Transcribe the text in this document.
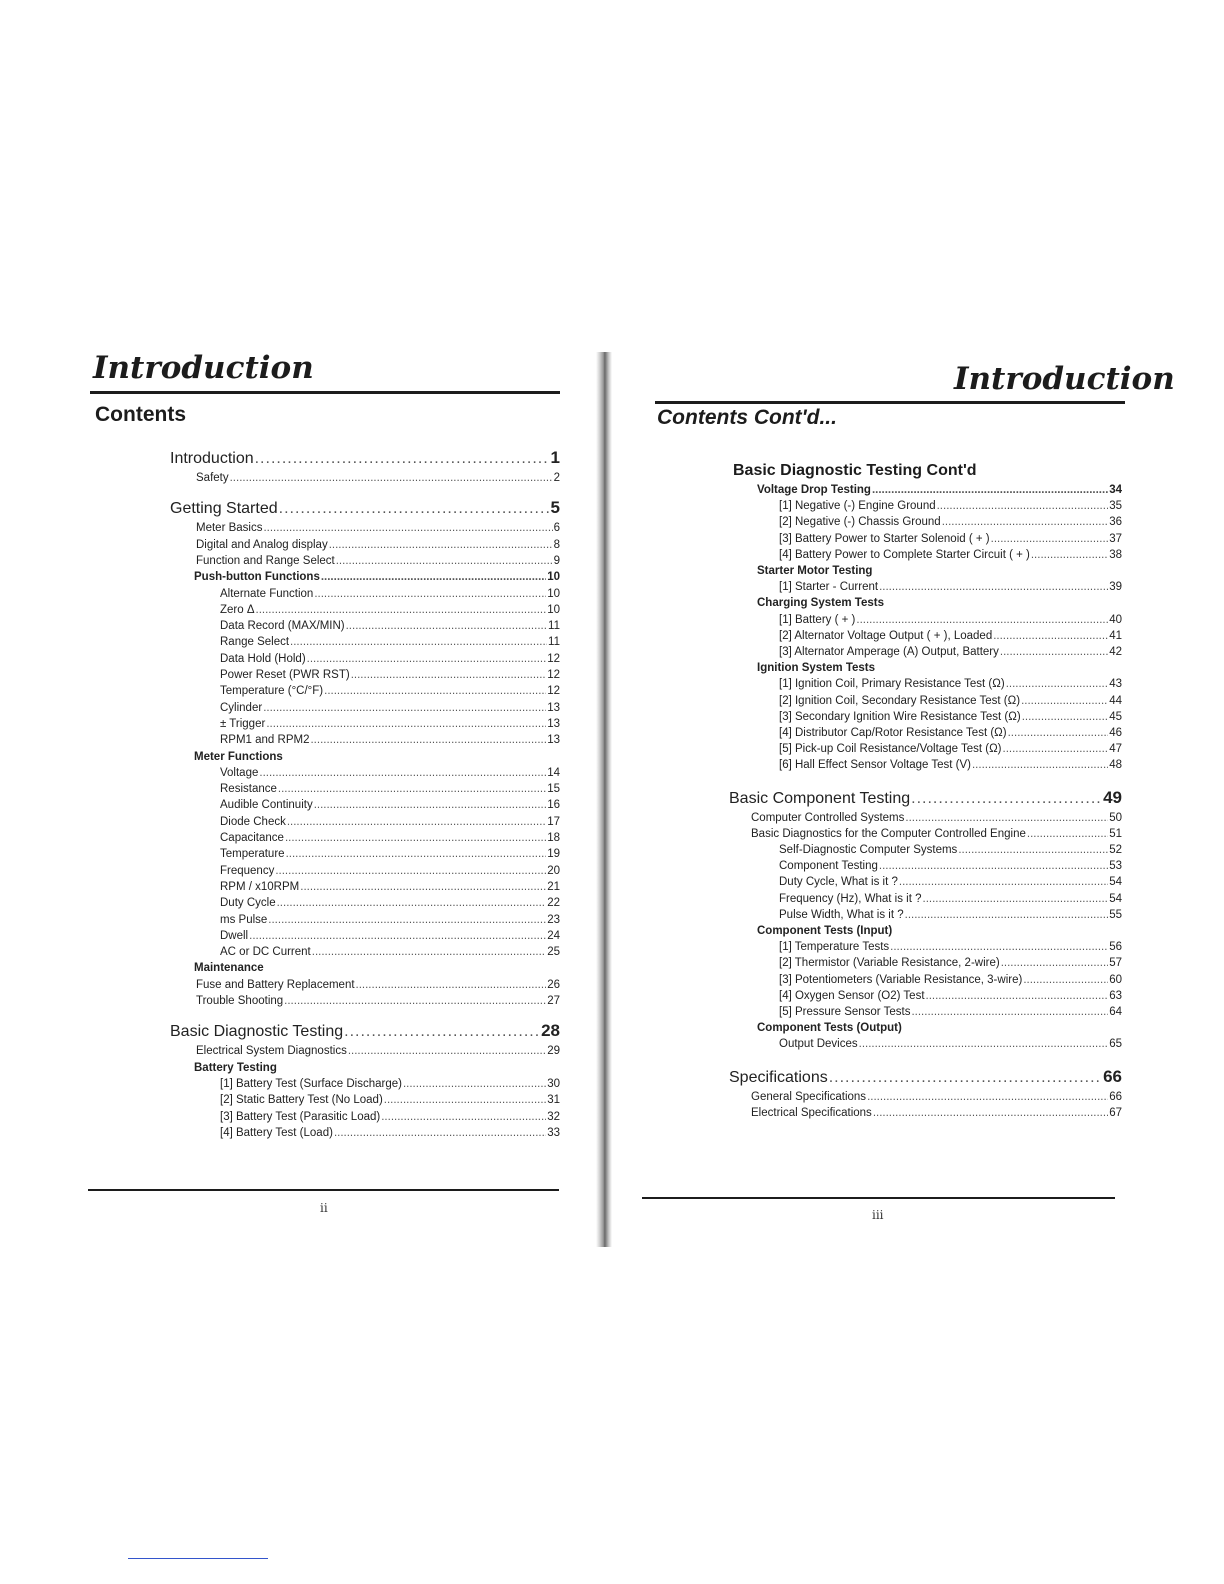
Introduction
Contents
Introduction .....	1
Safety .....	2
Getting Started .....	5
Meter Basics .....	6
Digital and Analog display .....	8
Function and Range Select .....	9
Push-button Functions .....	10
Alternate Function .....	10
Zero Δ .....	10
Data Record (MAX/MIN) .....	11
Range Select .....	11
Data Hold (Hold) .....	12
Power Reset (PWR RST) .....	12
Temperature (°C/°F) .....	12
Cylinder .....	13
± Trigger .....	13
RPM1 and RPM2 .....	13
Meter Functions
Voltage .....	14
Resistance .....	15
Audible Continuity .....	16
Diode Check .....	17
Capacitance .....	18
Temperature .....	19
Frequency .....	20
RPM / x10RPM .....	21
Duty Cycle .....	22
ms Pulse .....	23
Dwell .....	24
AC or DC Current .....	25
Maintenance
Fuse and Battery Replacement .....	26
Trouble Shooting .....	27
Basic Diagnostic Testing .....	28
Electrical System Diagnostics .....	29
Battery Testing
[1] Battery Test (Surface Discharge) .....	30
[2] Static Battery Test (No Load) .....	31
[3] Battery Test (Parasitic Load) .....	32
[4] Battery Test (Load) .....	33
ii
Introduction
Contents Cont'd...
Basic Diagnostic Testing Cont'd
Voltage Drop Testing .....	34
[1] Negative (-) Engine Ground .....	35
[2] Negative (-) Chassis Ground .....	36
[3] Battery Power to Starter Solenoid ( + ) .....	37
[4] Battery Power to Complete Starter Circuit ( + ) .....	38
Starter Motor Testing
[1] Starter - Current .....	39
Charging System Tests
[1] Battery ( + ) .....	40
[2] Alternator Voltage Output ( + ), Loaded .....	41
[3] Alternator Amperage (A) Output, Battery .....	42
Ignition System Tests
[1] Ignition Coil, Primary Resistance Test (Ω) .....	43
[2] Ignition Coil, Secondary Resistance Test (Ω) .....	44
[3] Secondary Ignition Wire Resistance Test (Ω) .....	45
[4] Distributor Cap/Rotor Resistance Test (Ω) .....	46
[5] Pick-up Coil Resistance/Voltage Test (Ω) .....	47
[6] Hall Effect Sensor Voltage Test (V) .....	48
Basic Component Testing .....	49
Computer Controlled Systems .....	50
Basic Diagnostics for the Computer Controlled Engine .....	51
Self-Diagnostic Computer Systems .....	52
Component Testing .....	53
Duty Cycle, What is it ? .....	54
Frequency (Hz), What is it ? .....	54
Pulse Width, What is it ? .....	55
Component Tests (Input)
[1] Temperature Tests .....	56
[2] Thermistor (Variable Resistance, 2-wire) .....	57
[3] Potentiometers (Variable Resistance, 3-wire) .....	60
[4] Oxygen Sensor (O2) Test .....	63
[5] Pressure Sensor Tests .....	64
Component Tests (Output)
Output Devices .....	65
Specifications .....	66
General Specifications .....	66
Electrical Specifications .....	67
iii
